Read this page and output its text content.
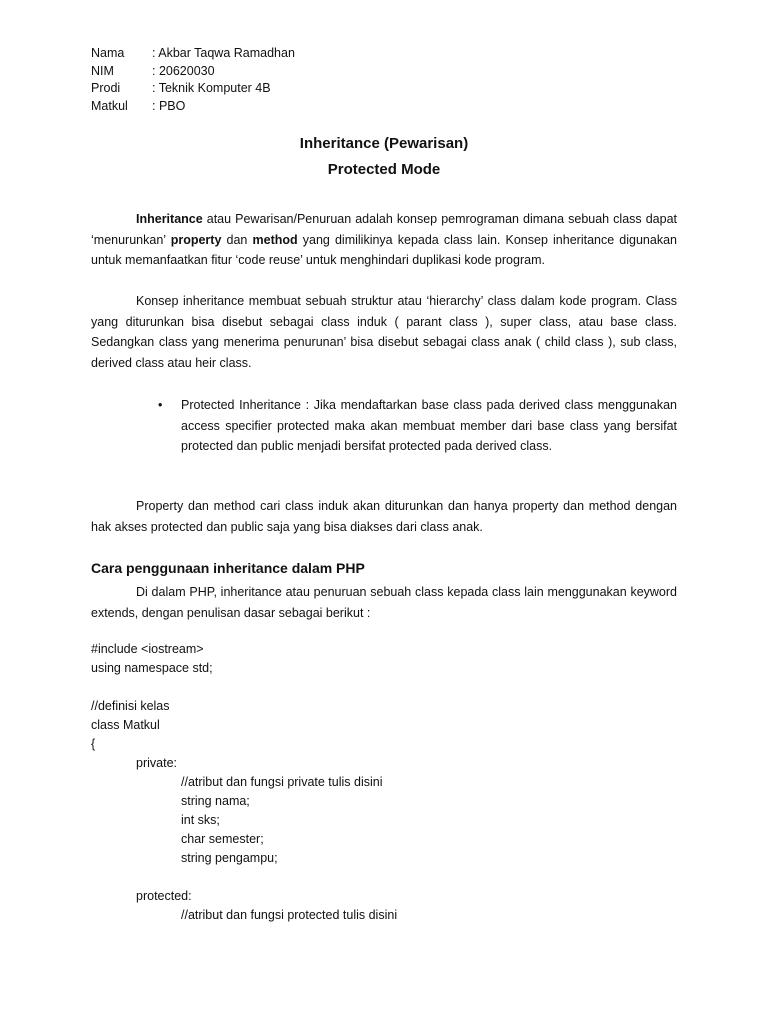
Nama	: Akbar Taqwa Ramadhan
NIM	: 20620030
Prodi	: Teknik Komputer 4B
Matkul	: PBO
Inheritance (Pewarisan)
Protected Mode

Inheritance atau Pewarisan/Penuruan adalah konsep pemrograman dimana sebuah class dapat ‘menurunkan’ property dan method yang dimilikinya kepada class lain. Konsep inheritance digunakan untuk memanfaatkan fitur ‘code reuse’ untuk menghindari duplikasi kode program.

Konsep inheritance membuat sebuah struktur atau ‘hierarchy’ class dalam kode program. Class yang diturunkan bisa disebut sebagai class induk ( parant class ), super class, atau base class. Sedangkan class yang menerima penurunan’ bisa disebut sebagai class anak ( child class ), sub class, derived class atau heir class.

• Protected Inheritance : Jika mendaftarkan base class pada derived class menggunakan access specifier protected maka akan membuat member dari base class yang bersifat protected dan public menjadi bersifat protected pada derived class.

Property dan method cari class induk akan diturunkan dan hanya property dan method dengan hak akses protected dan public saja yang bisa diakses dari class anak.

Cara penggunaan inheritance dalam PHP

Di dalam PHP, inheritance atau penuruan sebuah class kepada class lain menggunakan keyword extends, dengan penulisan dasar sebagai berikut :

#include <iostream>
using namespace std;
//definisi kelas
class Matkul
{
private:
//atribut dan fungsi private tulis disini
string nama;
int sks;
char semester;
string pengampu;
protected:
//atribut dan fungsi protected tulis disini
